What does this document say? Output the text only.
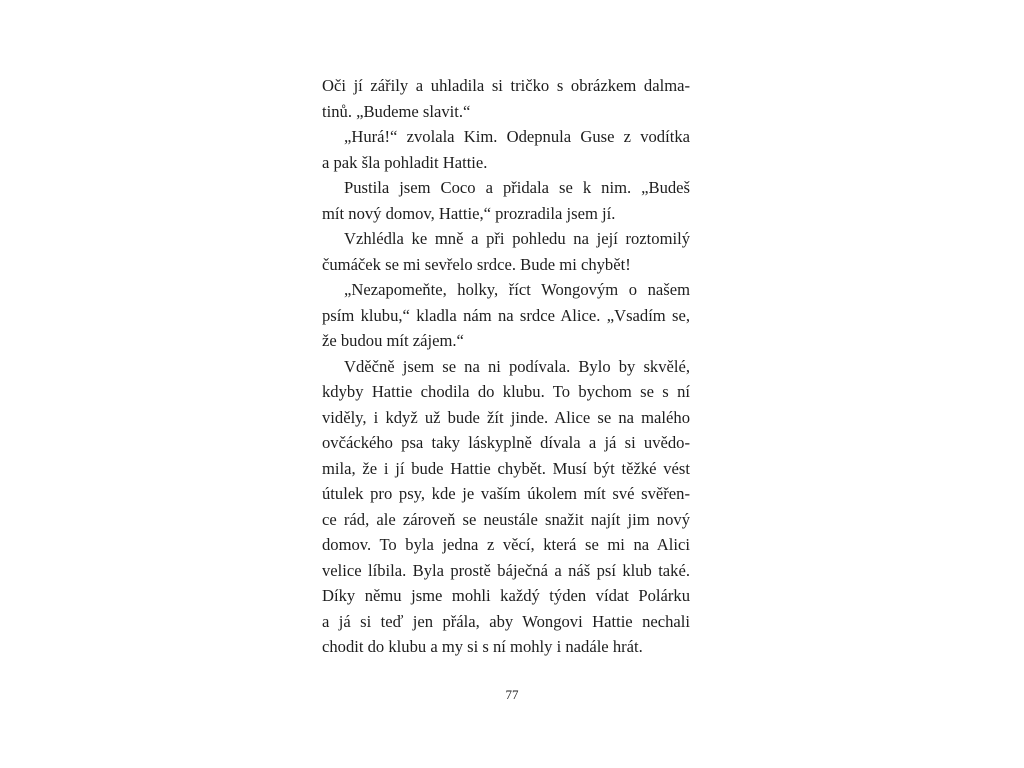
Oči jí zářily a uhladila si tričko s obrázkem dalma-
tinů. „Budeme slavit.“
„Hurá!“ zvolala Kim. Odepnula Guse z vodítka
a pak šla pohladit Hattie.
Pustila jsem Coco a přidala se k nim. „Budeš
mít nový domov, Hattie,“ prozradila jsem jí.
Vzhlédla ke mně a při pohledu na její roztomilý
čumáček se mi sevřelo srdce. Bude mi chybět!
„Nezapomeňte, holky, říct Wongovým o našem
psím klubu,“ kladla nám na srdce Alice. „Vsadím se,
že budou mít zájem.“
Vděčně jsem se na ni podívala. Bylo by skvělé,
kdyby Hattie chodila do klubu. To bychom se s ní
viděly, i když už bude žít jinde. Alice se na malého
ovčáckého psa taky láskyplně dívala a já si uvědo-
mila, že i jí bude Hattie chybět. Musí být těžké vést
útulek pro psy, kde je vaším úkolem mít své svěřen-
ce rád, ale zároveň se neustále snažit najít jim nový
domov. To byla jedna z věcí, která se mi na Alici
velice líbila. Byla prostě báječná a náš psí klub také.
Díky němu jsme mohli každý týden vídat Polárku
a já si teď jen přála, aby Wongovi Hattie nechali
chodit do klubu a my si s ní mohly i nadále hrát.
77
